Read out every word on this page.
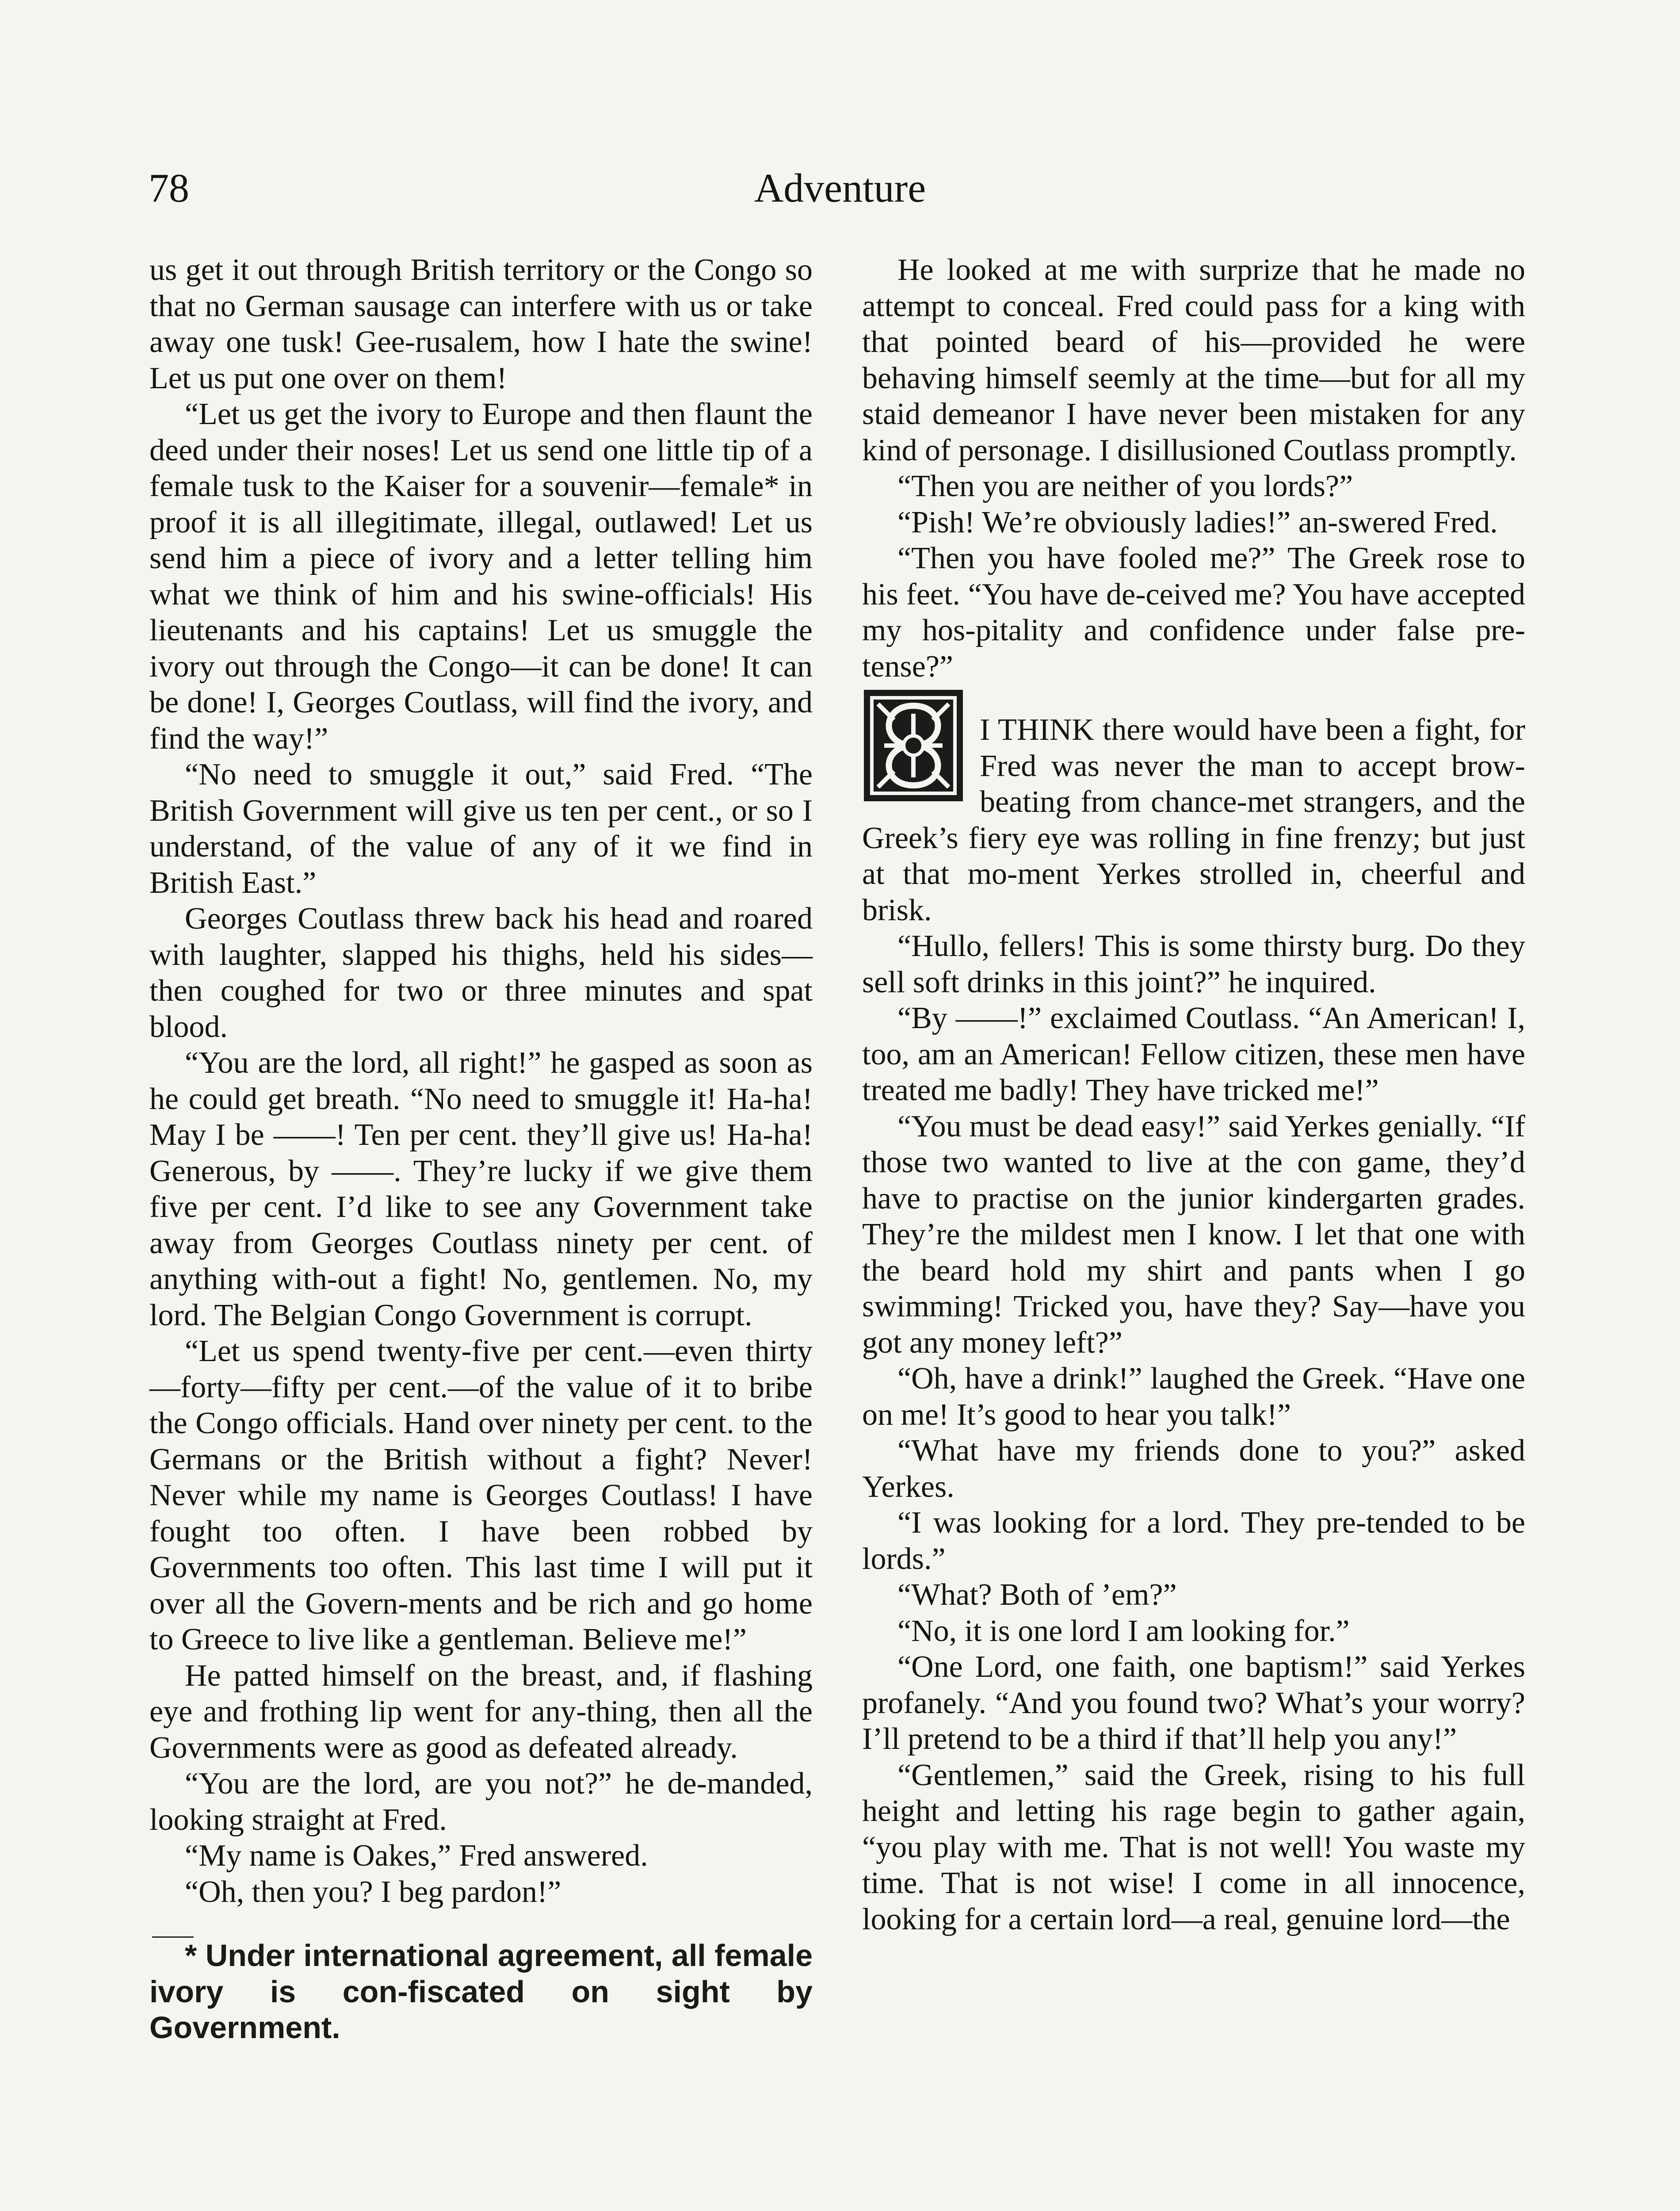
78	Adventure

us get it out through British territory or the Congo so that no German sausage can interfere with us or take away one tusk! Gee-rusalem, how I hate the swine! Let us put one over on them!

“Let us get the ivory to Europe and then flaunt the deed under their noses! Let us send one little tip of a female tusk to the Kaiser for a souvenir—female* in proof it is all illegitimate, illegal, outlawed! Let us send him a piece of ivory and a letter telling him what we think of him and his swine-officials! His lieutenants and his captains! Let us smuggle the ivory out through the Congo—it can be done! It can be done! I, Georges Coutlass, will find the ivory, and find the way!”

“No need to smuggle it out,” said Fred. “The British Government will give us ten per cent., or so I understand, of the value of any of it we find in British East.”

Georges Coutlass threw back his head and roared with laughter, slapped his thighs, held his sides—then coughed for two or three minutes and spat blood.

“You are the lord, all right!” he gasped as soon as he could get breath. “No need to smuggle it! Ha-ha! May I be ——! Ten per cent. they’ll give us! Ha-ha! Generous, by ——. They’re lucky if we give them five per cent. I’d like to see any Government take away from Georges Coutlass ninety per cent. of anything with-out a fight! No, gentlemen. No, my lord. The Belgian Congo Government is corrupt.

“Let us spend twenty-five per cent.—even thirty—forty—fifty per cent.—of the value of it to bribe the Congo officials. Hand over ninety per cent. to the Germans or the British without a fight? Never! Never while my name is Georges Coutlass! I have fought too often. I have been robbed by Governments too often. This last time I will put it over all the Govern-ments and be rich and go home to Greece to live like a gentleman. Believe me!”

He patted himself on the breast, and, if flashing eye and frothing lip went for any-thing, then all the Governments were as good as defeated already.

“You are the lord, are you not?” he de-manded, looking straight at Fred.

“My name is Oakes,” Fred answered.

“Oh, then you? I beg pardon!”

* Under international agreement, all female ivory is con-fiscated on sight by Government.

He looked at me with surprize that he made no attempt to conceal. Fred could pass for a king with that pointed beard of his—provided he were behaving himself seemly at the time—but for all my staid demeanor I have never been mistaken for any kind of personage. I disillusioned Coutlass promptly.

“Then you are neither of you lords?”

“Pish! We’re obviously ladies!” an-swered Fred.

“Then you have fooled me?” The Greek rose to his feet. “You have de-ceived me? You have accepted my hos-pitality and confidence under false pre-tense?”

I THINK there would have been a fight, for Fred was never the man to accept brow-beating from chance-met strangers, and the Greek’s fiery eye was rolling in fine frenzy; but just at that mo-ment Yerkes strolled in, cheerful and brisk.

“Hullo, fellers! This is some thirsty burg. Do they sell soft drinks in this joint?” he inquired.

“By ——!” exclaimed Coutlass. “An American! I, too, am an American! Fellow citizen, these men have treated me badly! They have tricked me!”

“You must be dead easy!” said Yerkes genially. “If those two wanted to live at the con game, they’d have to practise on the junior kindergarten grades. They’re the mildest men I know. I let that one with the beard hold my shirt and pants when I go swimming! Tricked you, have they? Say—have you got any money left?”

“Oh, have a drink!” laughed the Greek. “Have one on me! It’s good to hear you talk!”

“What have my friends done to you?” asked Yerkes.

“I was looking for a lord. They pre-tended to be lords.”

“What? Both of ’em?”

“No, it is one lord I am looking for.”

“One Lord, one faith, one baptism!” said Yerkes profanely. “And you found two? What’s your worry? I’ll pretend to be a third if that’ll help you any!”

“Gentlemen,” said the Greek, rising to his full height and letting his rage begin to gather again, “you play with me. That is not well! You waste my time. That is not wise! I come in all innocence, looking for a certain lord—a real, genuine lord—the
